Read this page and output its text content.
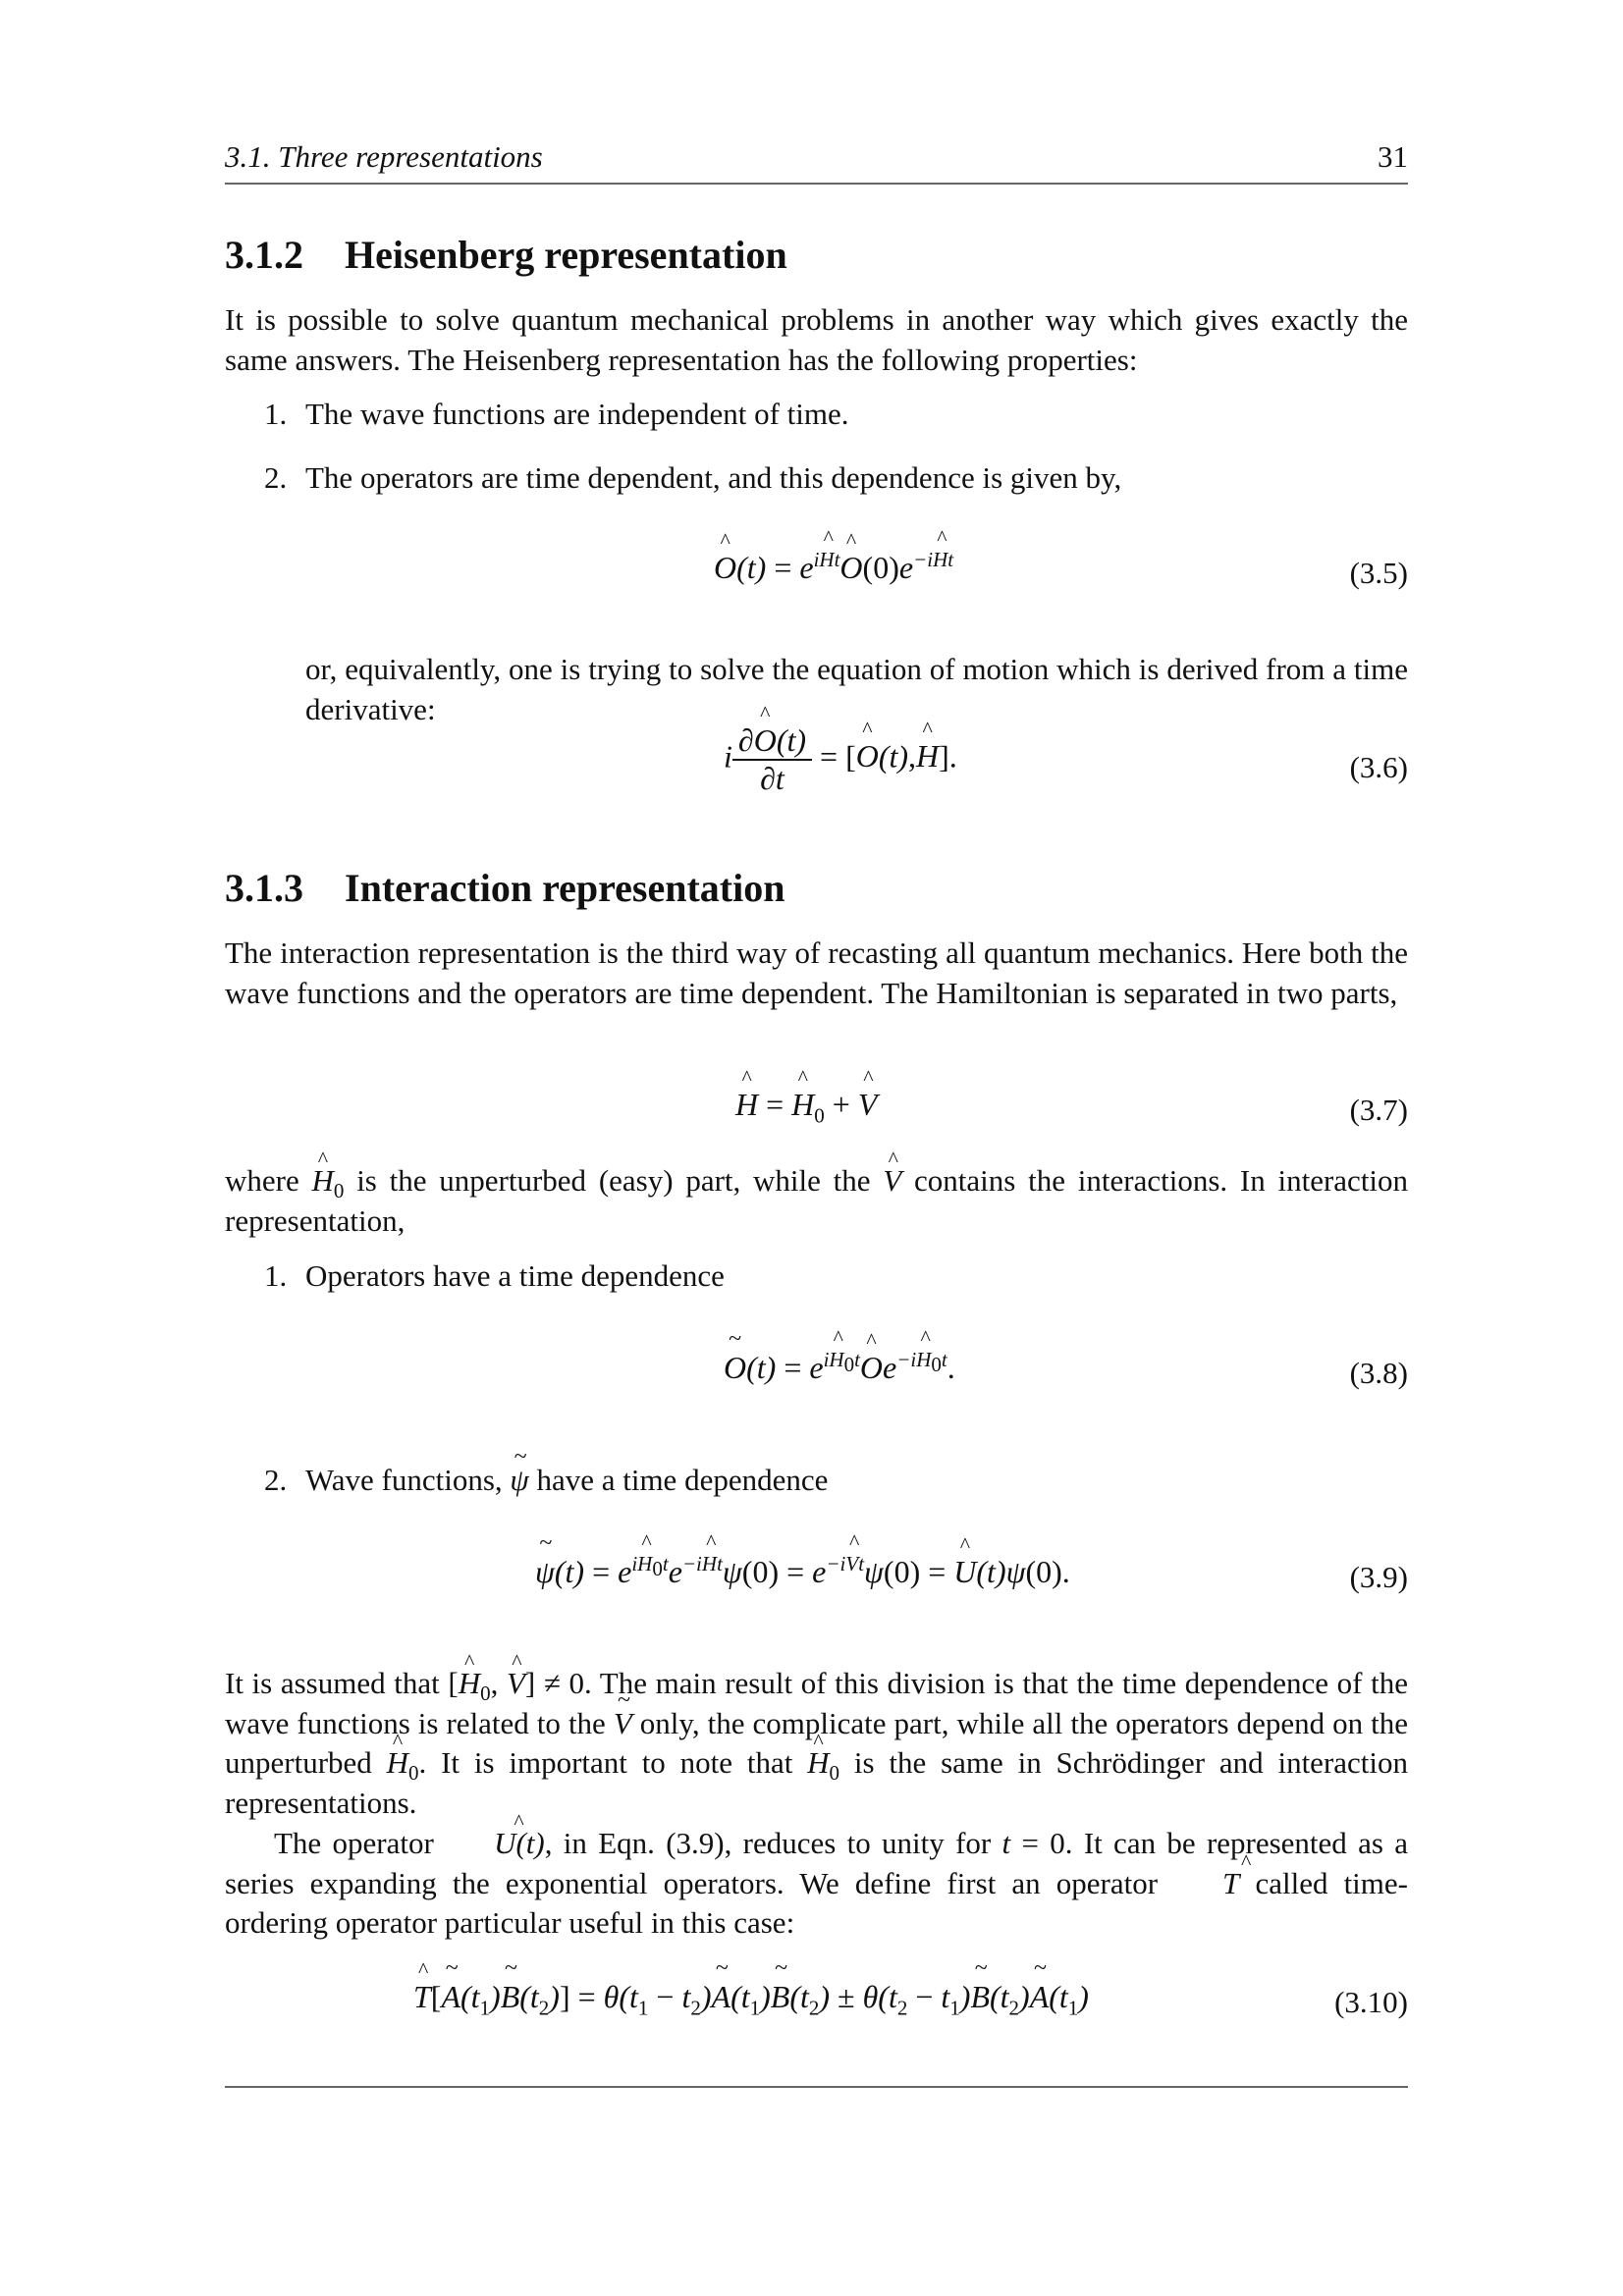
3.1. Three representations	31
3.1.2 Heisenberg representation
It is possible to solve quantum mechanical problems in another way which gives exactly the same answers. The Heisenberg representation has the following properties:
1. The wave functions are independent of time.
2. The operators are time dependent, and this dependence is given by,
^ $O(t) = e^{iHt}\^{}$ $O(0)e^{-iHt}$	(3.5)
or, equivalently, one is trying to solve the equation of motion which is derived from a time derivative:
i $\frac{\partial\^{} O(t)}{\partial t}$ = [^ O(t),^ H].	(3.6)
3.1.3 Interaction representation
The interaction representation is the third way of recasting all quantum mechanics. Here both the wave functions and the operators are time dependent. The Hamiltonian is separated in two parts,
^ H = ^ $H_0$ + ^ V	(3.7)
where ^ $H_0$ is the unperturbed (easy) part, while the ^ V contains the interactions. In interaction representation,
1. Operators have a time dependence
~ $O(t) = e^{iH_0t}\^{}$ $Oe^{-iH_0t}$.	(3.8)
2. Wave functions, ~ ψ have a time dependence
~ $\psi(t) = e^{iH_0t}e^{-iHt}\psi(0) = e^{-iVt}\psi(0)$ = ^ U(t)ψ(0).	(3.9)
It is assumed that [^ $H_0$, ^ V] ≠ 0. The main result of this division is that the time dependence of the wave functions is related to the ~ V only, the complicate part, while all the operators depend on the unperturbed ^ $H_0$. It is important to note that ^ $H_0$ is the same in Schrödinger and interaction representations.
The operator ^ U(t), in Eqn. (3.9), reduces to unity for t = 0. It can be represented as a series expanding the exponential operators. We define first an operator ^ T called time-ordering operator particular useful in this case:
^ T[~ $A(t_1)\sim$ $B(t_2)] = \theta(t_1$ − $t_2)\sim$ $A(t_1)\sim$ $B(t_2) \pm \theta(t_2$ − $t_1)\sim$ $B(t_2)\sim$ $A(t_1)$	(3.10)
